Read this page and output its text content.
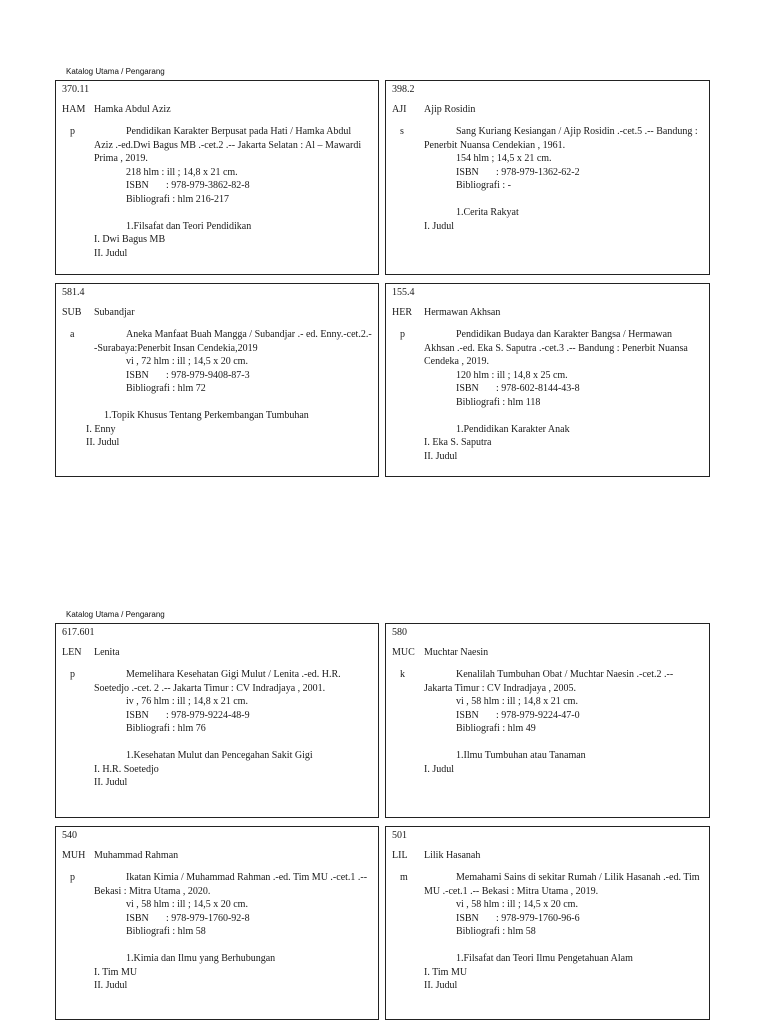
Katalog Utama / Pengarang
370.11
HAM Hamka Abdul Aziz
p	Pendidikan Karakter Berpusat pada Hati / Hamka Abdul Aziz .-ed.Dwi Bagus MB .-cet.2 .-- Jakarta Selatan : Al – Mawardi Prima , 2019.
218 hlm : ill ; 14,8 x 21 cm.
ISBN : 978-979-3862-82-8
Bibliografi : hlm 216-217
1.Filsafat dan Teori Pendidikan
I. Dwi Bagus MB
II. Judul
398.2
AJI Ajip Rosidin
s	Sang Kuriang Kesiangan / Ajip Rosidin .-cet.5 .-- Bandung : Penerbit Nuansa Cendekian , 1961.
154 hlm ; 14,5 x 21 cm.
ISBN : 978-979-1362-62-2
Bibliografi : -
1.Cerita Rakyat
I. Judul
581.4
SUB Subandjar
a	Aneka Manfaat Buah Mangga / Subandjar .- ed. Enny.-cet.2.--Surabaya:Penerbit Insan Cendekia,2019
vi , 72 hlm : ill ; 14,5 x 20 cm.
ISBN : 978-979-9408-87-3
Bibliografi : hlm 72
1.Topik Khusus Tentang Perkembangan Tumbuhan
I. Enny
II. Judul
155.4
HER Hermawan Akhsan
p	Pendidikan Budaya dan Karakter Bangsa / Hermawan Akhsan .-ed. Eka S. Saputra .-cet.3 .-- Bandung : Penerbit Nuansa Cendeka , 2019.
120 hlm : ill ; 14,8 x 25 cm.
ISBN : 978-602-8144-43-8
Bibliografi : hlm 118
1.Pendidikan Karakter Anak
I. Eka S. Saputra
II. Judul
Katalog Utama / Pengarang
617.601
LEN Lenita
p	Memelihara Kesehatan Gigi Mulut / Lenita .-ed. H.R. Soetedjo .-cet. 2 .-- Jakarta Timur : CV Indradjaya , 2001.
iv , 76 hlm : ill ; 14,8 x 21 cm.
ISBN : 978-979-9224-48-9
Bibliografi : hlm 76
1.Kesehatan Mulut dan Pencegahan Sakit Gigi
I. H.R. Soetedjo
II. Judul
580
MUC Muchtar Naesin
k	Kenalilah Tumbuhan Obat / Muchtar Naesin .-cet.2 .-- Jakarta Timur : CV Indradjaya , 2005.
vi , 58 hlm : ill ; 14,8 x 21 cm.
ISBN : 978-979-9224-47-0
Bibliografi : hlm 49
1.Ilmu Tumbuhan atau Tanaman
I. Judul
540
MUH Muhammad Rahman
p	Ikatan Kimia / Muhammad Rahman .-ed. Tim MU .-cet.1 .-- Bekasi : Mitra Utama , 2020.
vi , 58 hlm : ill ; 14,5 x 20 cm.
ISBN : 978-979-1760-92-8
Bibliografi : hlm 58
1.Kimia dan Ilmu yang Berhubungan
I. Tim MU
II. Judul
501
LIL Lilik Hasanah
m	Memahami Sains di sekitar Rumah / Lilik Hasanah .-ed. Tim MU .-cet.1 .-- Bekasi : Mitra Utama , 2019.
vi , 58 hlm : ill ; 14,5 x 20 cm.
ISBN : 978-979-1760-96-6
Bibliografi : hlm 58
1.Filsafat dan Teori Ilmu Pengetahuan Alam
I. Tim MU
II. Judul
